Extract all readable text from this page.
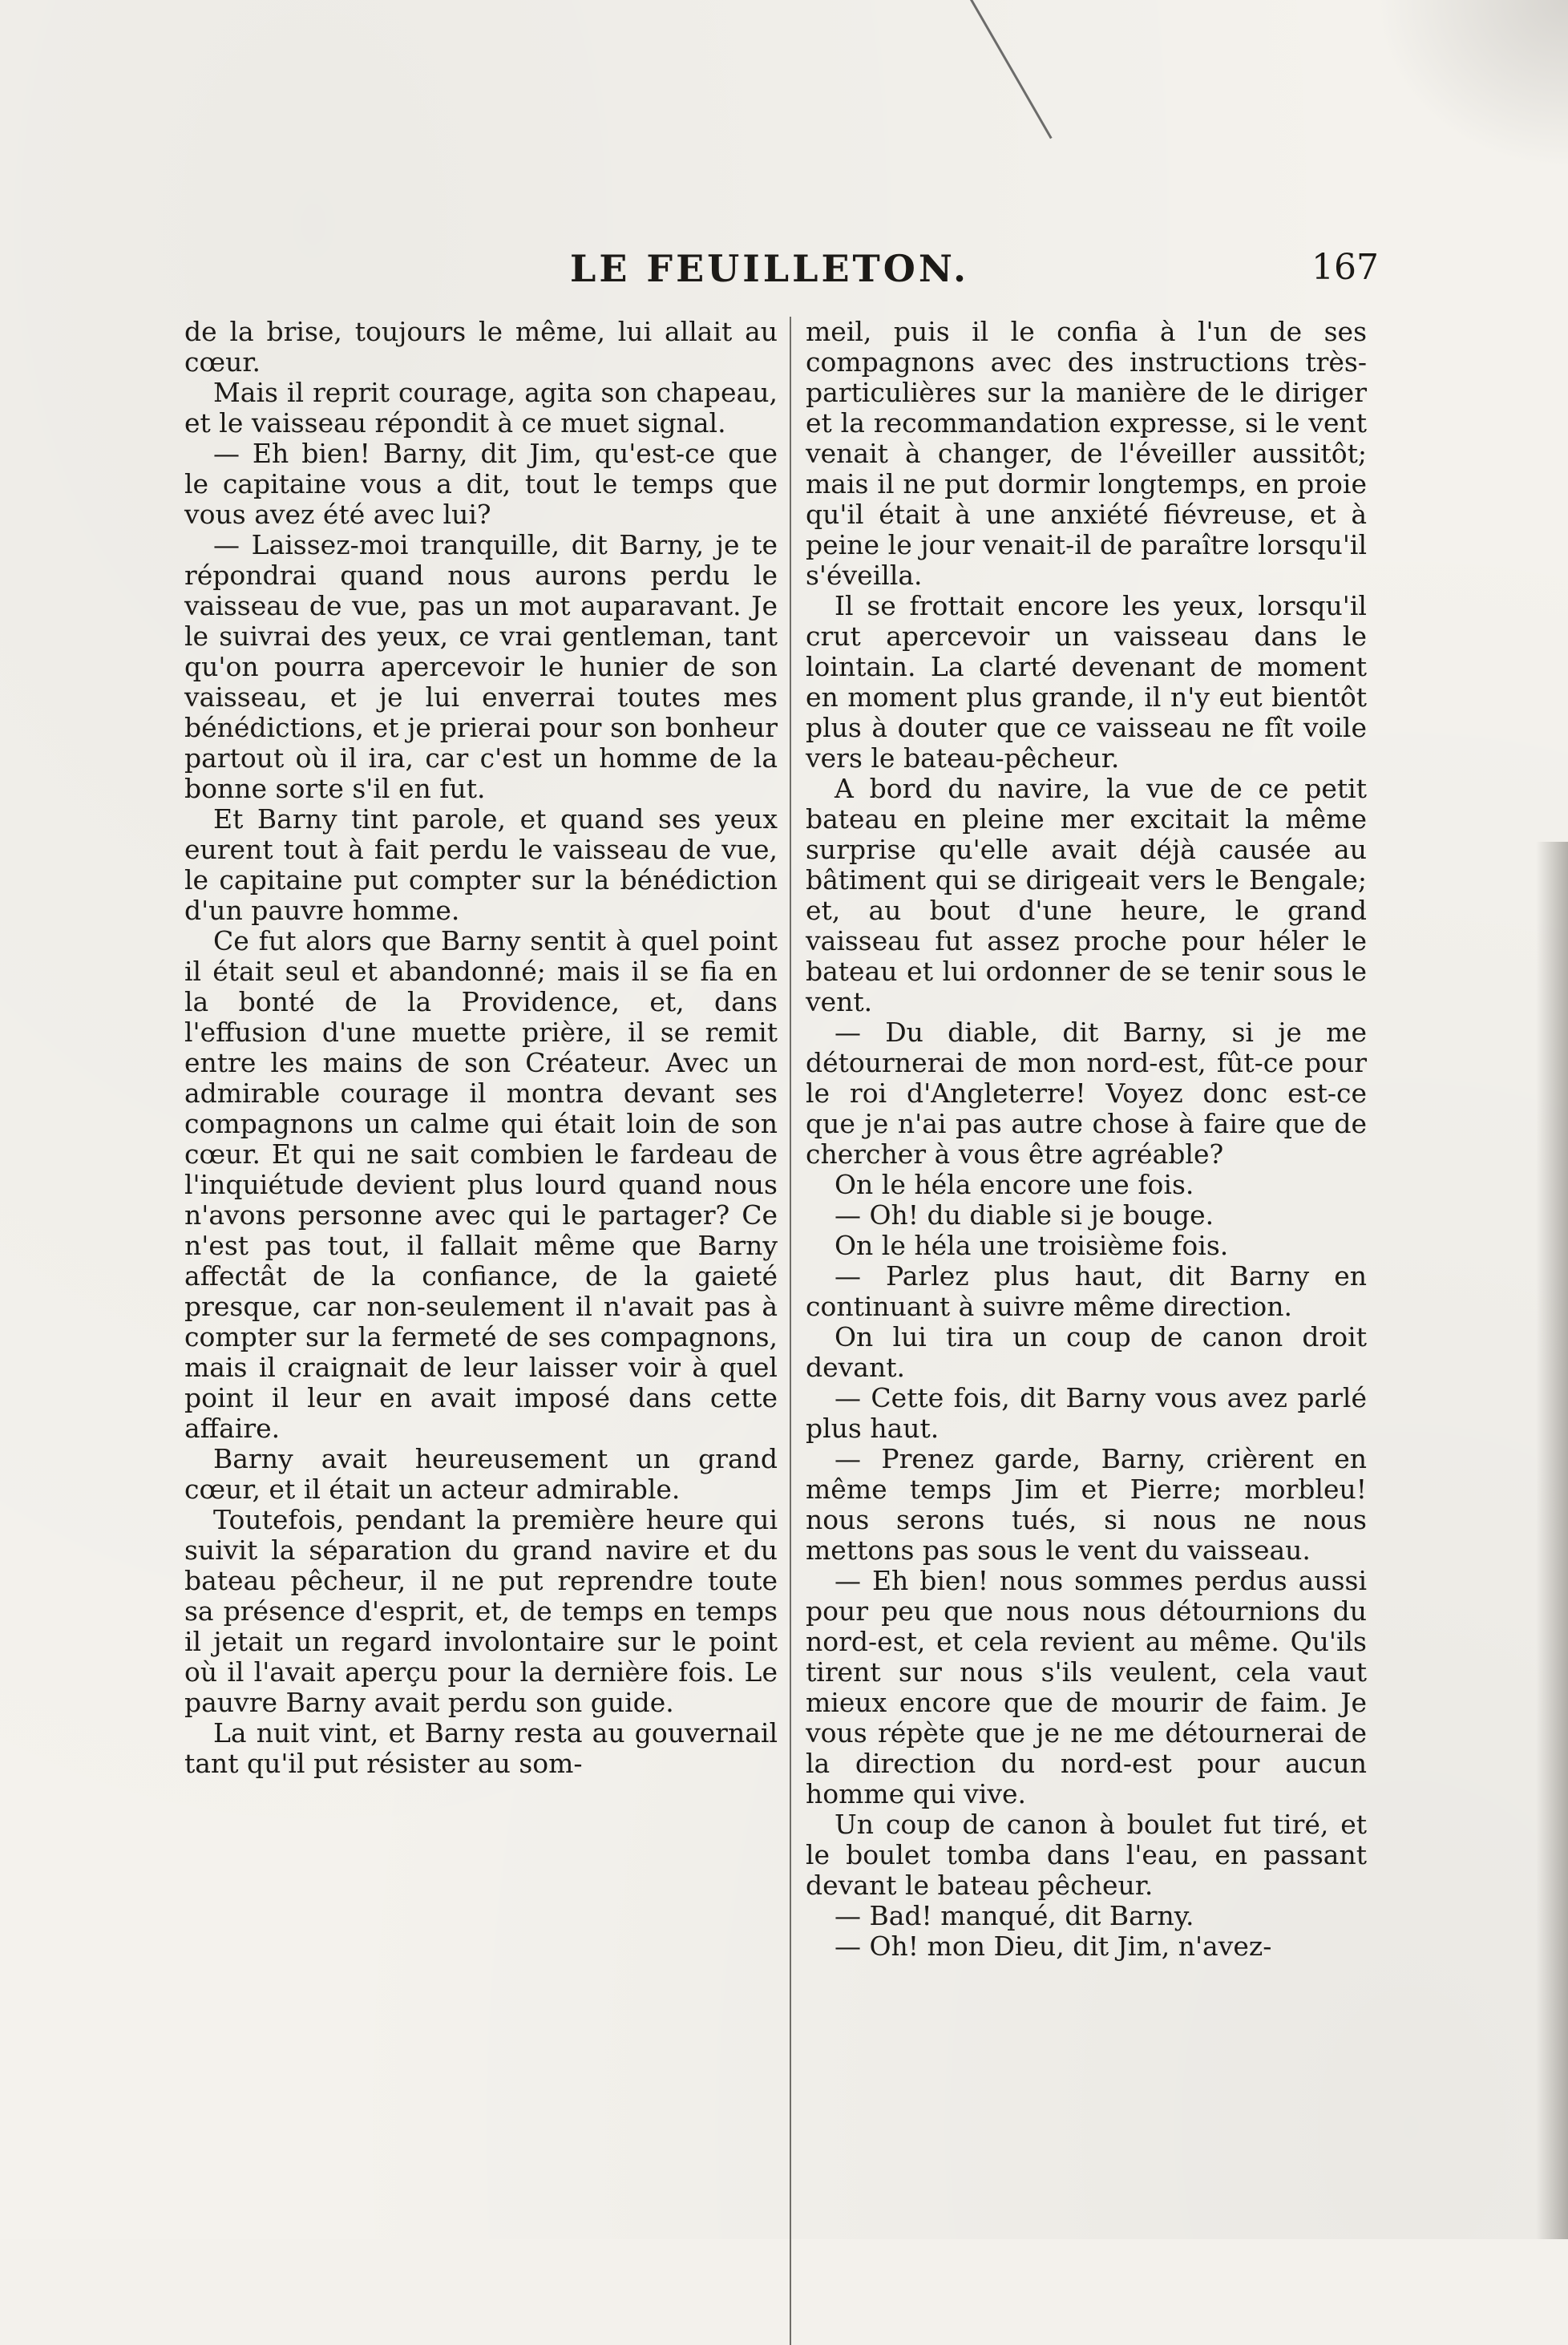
LE FEUILLETON.	167

de la brise, toujours le même, lui allait au cœur.

Mais il reprit courage, agita son chapeau, et le vaisseau répondit à ce muet signal.

— Eh bien! Barny, dit Jim, qu'est-ce que le capitaine vous a dit, tout le temps que vous avez été avec lui?

— Laissez-moi tranquille, dit Barny, je te répondrai quand nous aurons perdu le vaisseau de vue, pas un mot auparavant. Je le suivrai des yeux, ce vrai gentleman, tant qu'on pourra apercevoir le hunier de son vaisseau, et je lui enverrai toutes mes bénédictions, et je prierai pour son bonheur partout où il ira, car c'est un homme de la bonne sorte s'il en fut.

Et Barny tint parole, et quand ses yeux eurent tout à fait perdu le vaisseau de vue, le capitaine put compter sur la bénédiction d'un pauvre homme.

Ce fut alors que Barny sentit à quel point il était seul et abandonné; mais il se fia en la bonté de la Providence, et, dans l'effusion d'une muette prière, il se remit entre les mains de son Créateur. Avec un admirable courage il montra devant ses compagnons un calme qui était loin de son cœur. Et qui ne sait combien le fardeau de l'inquiétude devient plus lourd quand nous n'avons personne avec qui le partager? Ce n'est pas tout, il fallait même que Barny affectât de la confiance, de la gaieté presque, car non-seulement il n'avait pas à compter sur la fermeté de ses compagnons, mais il craignait de leur laisser voir à quel point il leur en avait imposé dans cette affaire.

Barny avait heureusement un grand cœur, et il était un acteur admirable.

Toutefois, pendant la première heure qui suivit la séparation du grand navire et du bateau pêcheur, il ne put reprendre toute sa présence d'esprit, et, de temps en temps il jetait un regard involontaire sur le point où il l'avait aperçu pour la dernière fois. Le pauvre Barny avait perdu son guide.

La nuit vint, et Barny resta au gouvernail tant qu'il put résister au som-

meil, puis il le confia à l'un de ses compagnons avec des instructions très-particulières sur la manière de le diriger et la recommandation expresse, si le vent venait à changer, de l'éveiller aussitôt; mais il ne put dormir longtemps, en proie qu'il était à une anxiété fiévreuse, et à peine le jour venait-il de paraître lorsqu'il s'éveilla.

Il se frottait encore les yeux, lorsqu'il crut apercevoir un vaisseau dans le lointain. La clarté devenant de moment en moment plus grande, il n'y eut bientôt plus à douter que ce vaisseau ne fît voile vers le bateau-pêcheur.

A bord du navire, la vue de ce petit bateau en pleine mer excitait la même surprise qu'elle avait déjà causée au bâtiment qui se dirigeait vers le Bengale; et, au bout d'une heure, le grand vaisseau fut assez proche pour héler le bateau et lui ordonner de se tenir sous le vent.

— Du diable, dit Barny, si je me détournerai de mon nord-est, fût-ce pour le roi d'Angleterre! Voyez donc est-ce que je n'ai pas autre chose à faire que de chercher à vous être agréable?

On le héla encore une fois.

— Oh! du diable si je bouge.

On le héla une troisième fois.

— Parlez plus haut, dit Barny en continuant à suivre même direction.

On lui tira un coup de canon droit devant.

— Cette fois, dit Barny vous avez parlé plus haut.

— Prenez garde, Barny, crièrent en même temps Jim et Pierre; morbleu! nous serons tués, si nous ne nous mettons pas sous le vent du vaisseau.

— Eh bien! nous sommes perdus aussi pour peu que nous nous détournions du nord-est, et cela revient au même. Qu'ils tirent sur nous s'ils veulent, cela vaut mieux encore que de mourir de faim. Je vous répète que je ne me détournerai de la direction du nord-est pour aucun homme qui vive.

Un coup de canon à boulet fut tiré, et le boulet tomba dans l'eau, en passant devant le bateau pêcheur.

— Bad! manqué, dit Barny.

— Oh! mon Dieu, dit Jim, n'avez-
